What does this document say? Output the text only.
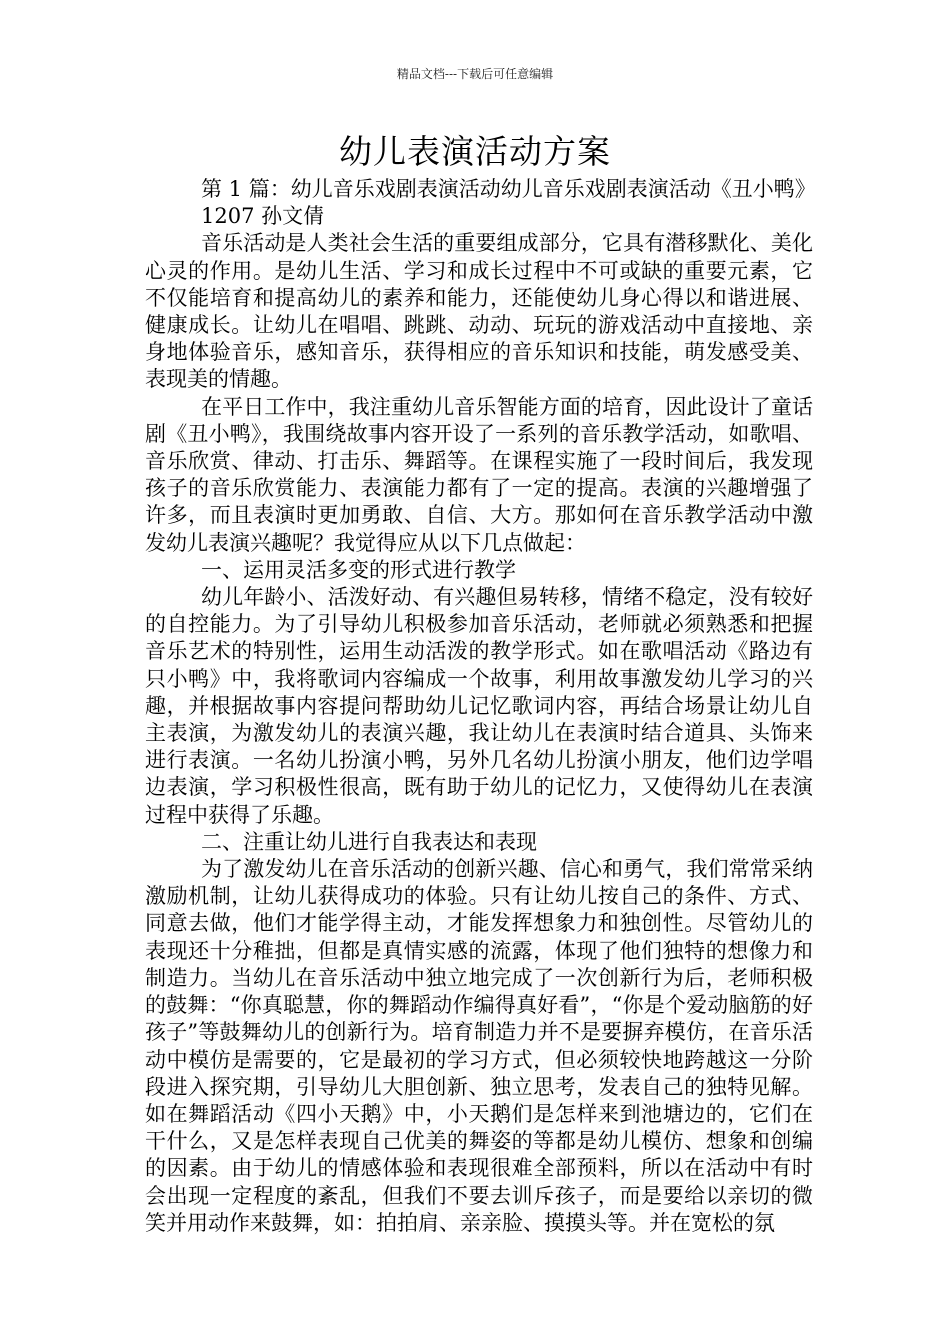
精品文档---下载后可任意编辑
幼儿表演活动方案

第 1 篇：幼儿音乐戏剧表演活动幼儿音乐戏剧表演活动《丑小鸭》

1207 孙文倩

音乐活动是人类社会生活的重要组成部分，它具有潜移默化、美化心灵的作用。是幼儿生活、学习和成长过程中不可或缺的重要元素，它不仅能培育和提高幼儿的素养和能力，还能使幼儿身心得以和谐进展、健康成长。让幼儿在唱唱、跳跳、动动、玩玩的游戏活动中直接地、亲身地体验音乐，感知音乐，获得相应的音乐知识和技能，萌发感受美、表现美的情趣。

在平日工作中，我注重幼儿音乐智能方面的培育，因此设计了童话剧《丑小鸭》，我围绕故事内容开设了一系列的音乐教学活动，如歌唱、音乐欣赏、律动、打击乐、舞蹈等。在课程实施了一段时间后，我发现孩子的音乐欣赏能力、表演能力都有了一定的提高。表演的兴趣增强了许多，而且表演时更加勇敢、自信、大方。那如何在音乐教学活动中激发幼儿表演兴趣呢？我觉得应从以下几点做起：

一、运用灵活多变的形式进行教学

幼儿年龄小、活泼好动、有兴趣但易转移，情绪不稳定，没有较好的自控能力。为了引导幼儿积极参加音乐活动，老师就必须熟悉和把握音乐艺术的特别性，运用生动活泼的教学形式。如在歌唱活动《路边有只小鸭》中，我将歌词内容编成一个故事，利用故事激发幼儿学习的兴趣，并根据故事内容提问帮助幼儿记忆歌词内容，再结合场景让幼儿自主表演，为激发幼儿的表演兴趣，我让幼儿在表演时结合道具、头饰来进行表演。一名幼儿扮演小鸭，另外几名幼儿扮演小朋友，他们边学唱边表演，学习积极性很高，既有助于幼儿的记忆力，又使得幼儿在表演过程中获得了乐趣。

二、注重让幼儿进行自我表达和表现

为了激发幼儿在音乐活动的创新兴趣、信心和勇气，我们常常采纳激励机制，让幼儿获得成功的体验。只有让幼儿按自己的条件、方式、同意去做，他们才能学得主动，才能发挥想象力和独创性。尽管幼儿的表现还十分稚拙，但都是真情实感的流露，体现了他们独特的想像力和制造力。当幼儿在音乐活动中独立地完成了一次创新行为后，老师积极的鼓舞：“你真聪慧，你的舞蹈动作编得真好看”，“你是个爱动脑筋的好孩子”等鼓舞幼儿的创新行为。培育制造力并不是要摒弃模仿，在音乐活动中模仿是需要的，它是最初的学习方式，但必须较快地跨越这一分阶段进入探究期，引导幼儿大胆创新、独立思考，发表自己的独特见解。如在舞蹈活动《四小天鹅》中，小天鹅们是怎样来到池塘边的，它们在干什么，又是怎样表现自己优美的舞姿的等都是幼儿模仿、想象和创编的因素。由于幼儿的情感体验和表现很难全部预料，所以在活动中有时会出现一定程度的紊乱，但我们不要去训斥孩子，而是要给以亲切的微笑并用动作来鼓舞，如：拍拍肩、亲亲脸、摸摸头等。并在宽松的氛
